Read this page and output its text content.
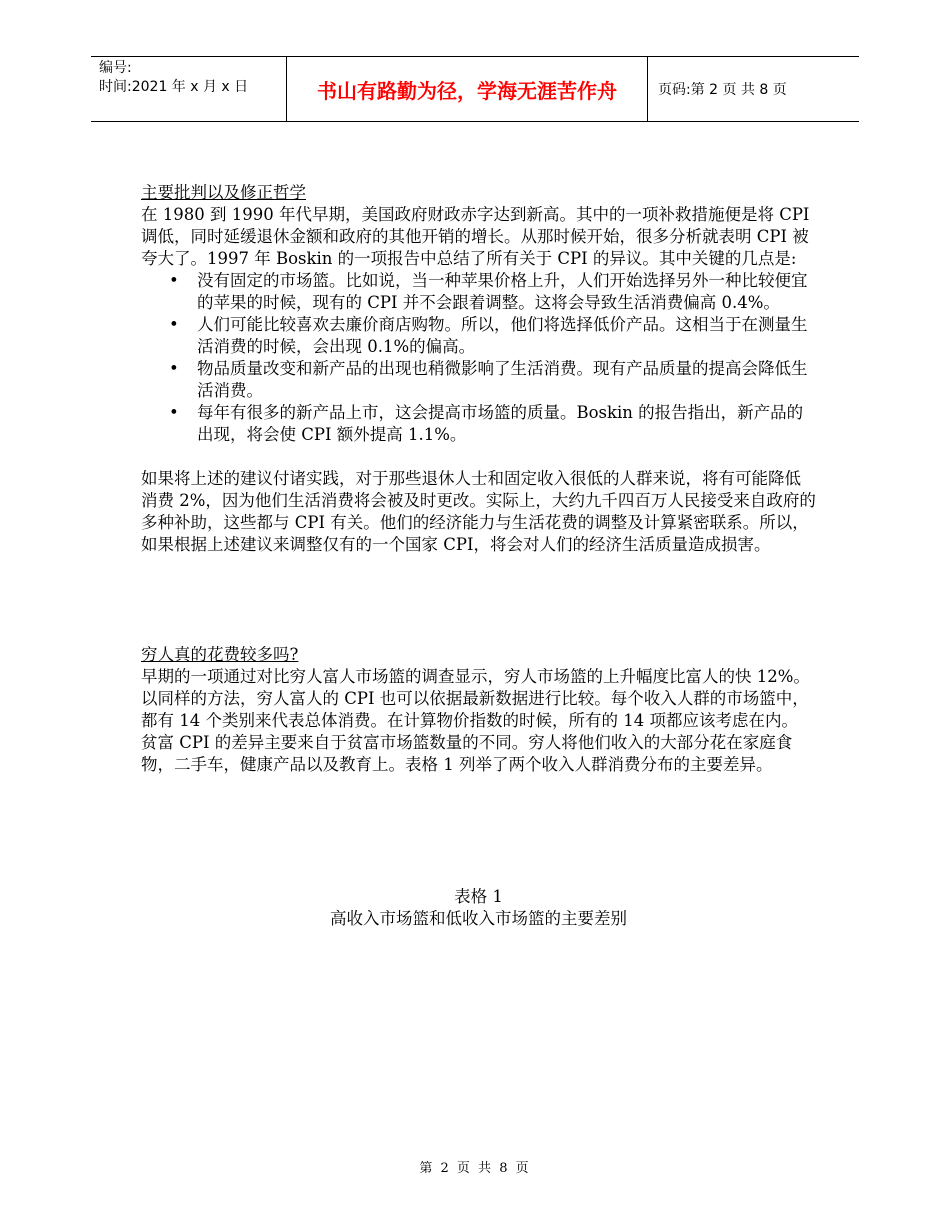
编号:
时间:2021 年 x 月 x 日	书山有路勤为径，学海无涯苦作舟	页码:第 2 页 共 8 页

主要批判以及修正哲学

在 1980 到 1990 年代早期，美国政府财政赤字达到新高。其中的一项补救措施便是将 CPI 调低，同时延缓退休金额和政府的其他开销的增长。从那时候开始，很多分析就表明 CPI 被夸大了。1997 年 Boskin 的一项报告中总结了所有关于 CPI 的异议。其中关键的几点是:

• 没有固定的市场篮。比如说，当一种苹果价格上升，人们开始选择另外一种比较便宜的苹果的时候，现有的 CPI 并不会跟着调整。这将会导致生活消费偏高 0.4%。
• 人们可能比较喜欢去廉价商店购物。所以，他们将选择低价产品。这相当于在测量生活消费的时候，会出现 0.1%的偏高。
• 物品质量改变和新产品的出现也稍微影响了生活消费。现有产品质量的提高会降低生活消费。
• 每年有很多的新产品上市，这会提高市场篮的质量。Boskin 的报告指出，新产品的出现，将会使 CPI 额外提高 1.1%。

如果将上述的建议付诸实践，对于那些退休人士和固定收入很低的人群来说，将有可能降低消费 2%，因为他们生活消费将会被及时更改。实际上，大约九千四百万人民接受来自政府的多种补助，这些都与 CPI 有关。他们的经济能力与生活花费的调整及计算紧密联系。所以，如果根据上述建议来调整仅有的一个国家 CPI，将会对人们的经济生活质量造成损害。

穷人真的花费较多吗?

早期的一项通过对比穷人富人市场篮的调查显示，穷人市场篮的上升幅度比富人的快 12%。以同样的方法，穷人富人的 CPI 也可以依据最新数据进行比较。每个收入人群的市场篮中，都有 14 个类别来代表总体消费。在计算物价指数的时候，所有的 14 项都应该考虑在内。

贫富 CPI 的差异主要来自于贫富市场篮数量的不同。穷人将他们收入的大部分花在家庭食物，二手车，健康产品以及教育上。表格 1 列举了两个收入人群消费分布的主要差异。

表格 1

高收入市场篮和低收入市场篮的主要差别

第 2 页 共 8 页
